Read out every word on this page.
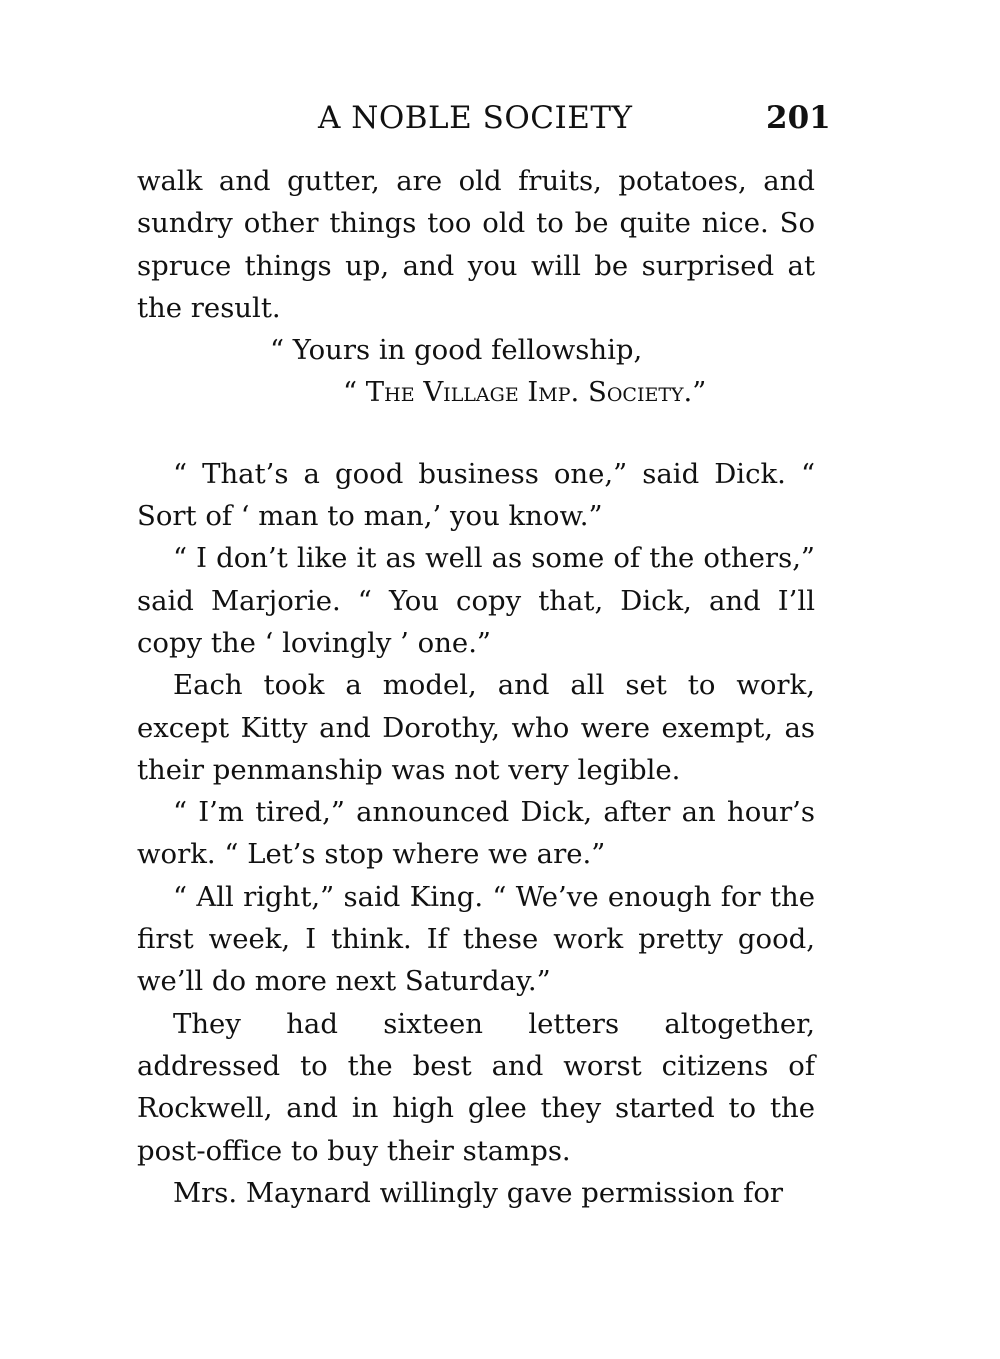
A NOBLE SOCIETY	201

walk and gutter, are old fruits, potatoes, and sundry other things too old to be quite nice. So spruce things up, and you will be surprised at the result.

“ Yours in good fellowship,

“ The Village Imp. Society.”

“ That’s a good business one,” said Dick. “ Sort of ‘ man to man,’ you know.”

“ I don’t like it as well as some of the others,” said Marjorie. “ You copy that, Dick, and I’ll copy the ‘ lovingly ’ one.”

Each took a model, and all set to work, except Kitty and Dorothy, who were exempt, as their penmanship was not very legible.

“ I’m tired,” announced Dick, after an hour’s work. “ Let’s stop where we are.”

“ All right,” said King. “ We’ve enough for the first week, I think. If these work pretty good, we’ll do more next Saturday.”

They had sixteen letters altogether, addressed to the best and worst citizens of Rockwell, and in high glee they started to the post-office to buy their stamps.

Mrs. Maynard willingly gave permission for
